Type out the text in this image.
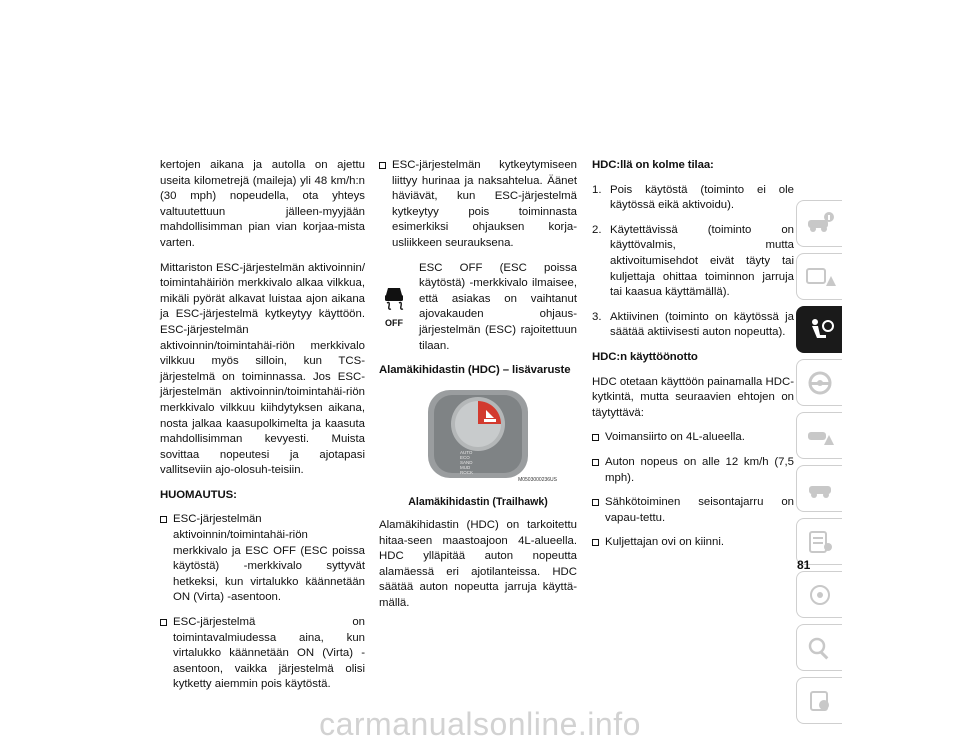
kertojen aikana ja autolla on ajettu useita kilometrejä (maileja) yli 48 km/h:n (30 mph) nopeudella, ota yhteys valtuutettuun jälleen-myyjään mahdollisimman pian vian korjaa-mista varten.

Mittariston ESC-järjestelmän aktivoinnin/ toimintahäiriön merkkivalo alkaa vilkkua, mikäli pyörät alkavat luistaa ajon aikana ja ESC-järjestelmä kytkeytyy käyttöön. ESC-järjestelmän aktivoinnin/toimintahäi-riön merkkivalo vilkkuu myös silloin, kun TCS-järjestelmä on toiminnassa. Jos ESC-järjestelmän aktivoinnin/toimintahäi-riön merkkivalo vilkkuu kiihdytyksen aikana, nosta jalkaa kaasupolkimelta ja kaasuta mahdollisimman kevyesti. Muista sovittaa nopeutesi ja ajotapasi vallitseviin ajo-olosuh-teisiin.

HUOMAUTUS:
ESC-järjestelmän aktivoinnin/toimintahäi-riön merkkivalo ja ESC OFF (ESC poissa käytöstä) -merkkivalo syttyvät hetkeksi, kun virtalukko käännetään ON (Virta) -asentoon.
ESC-järjestelmä on toimintavalmiudessa aina, kun virtalukko käännetään ON (Virta) -asentoon, vaikka järjestelmä olisi kytketty aiemmin pois käytöstä.
ESC-järjestelmän kytkeytymiseen liittyy hurinaa ja naksahtelua. Äänet häviävät, kun ESC-järjestelmä kytkeytyy pois toiminnasta esimerkiksi ohjauksen korja-usliikkeen seurauksena.
OFF
ESC OFF (ESC poissa käytöstä) -merkkivalo ilmaisee, että asiakas on vaihtanut ajovakauden ohjaus-järjestelmän (ESC) rajoitettuun tilaan.
Alamäkihidastin (HDC) – lisävaruste
AUTO
ECO
SAND
MUD
ROCK
M0503000236US
Alamäkihidastin (Trailhawk)

Alamäkihidastin (HDC) on tarkoitettu hitaa-seen maastoajoon 4L-alueella. HDC ylläpitää auton nopeutta alamäessä eri ajotilanteissa. HDC säätää auton nopeutta jarruja käyttä-mällä.

HDC:llä on kolme tilaa:
1. Pois käytöstä (toiminto ei ole käytössä eikä aktivoidu).
2. Käytettävissä (toiminto on käyttövalmis, mutta aktivoitumisehdot eivät täyty tai kuljettaja ohittaa toiminnon jarruja tai kaasua käyttämällä).
3. Aktiivinen (toiminto on käytössä ja säätää aktiivisesti auton nopeutta).
HDC:n käyttöönotto

HDC otetaan käyttöön painamalla HDC-kytkintä, mutta seuraavien ehtojen on täytyttävä:

Voimansiirto on 4L-alueella.
Auton nopeus on alle 12 km/h (7,5 mph).
Sähkötoiminen seisontajarru on vapau-tettu.
Kuljettajan ovi on kiinni.
81
carmanualsonline.info
